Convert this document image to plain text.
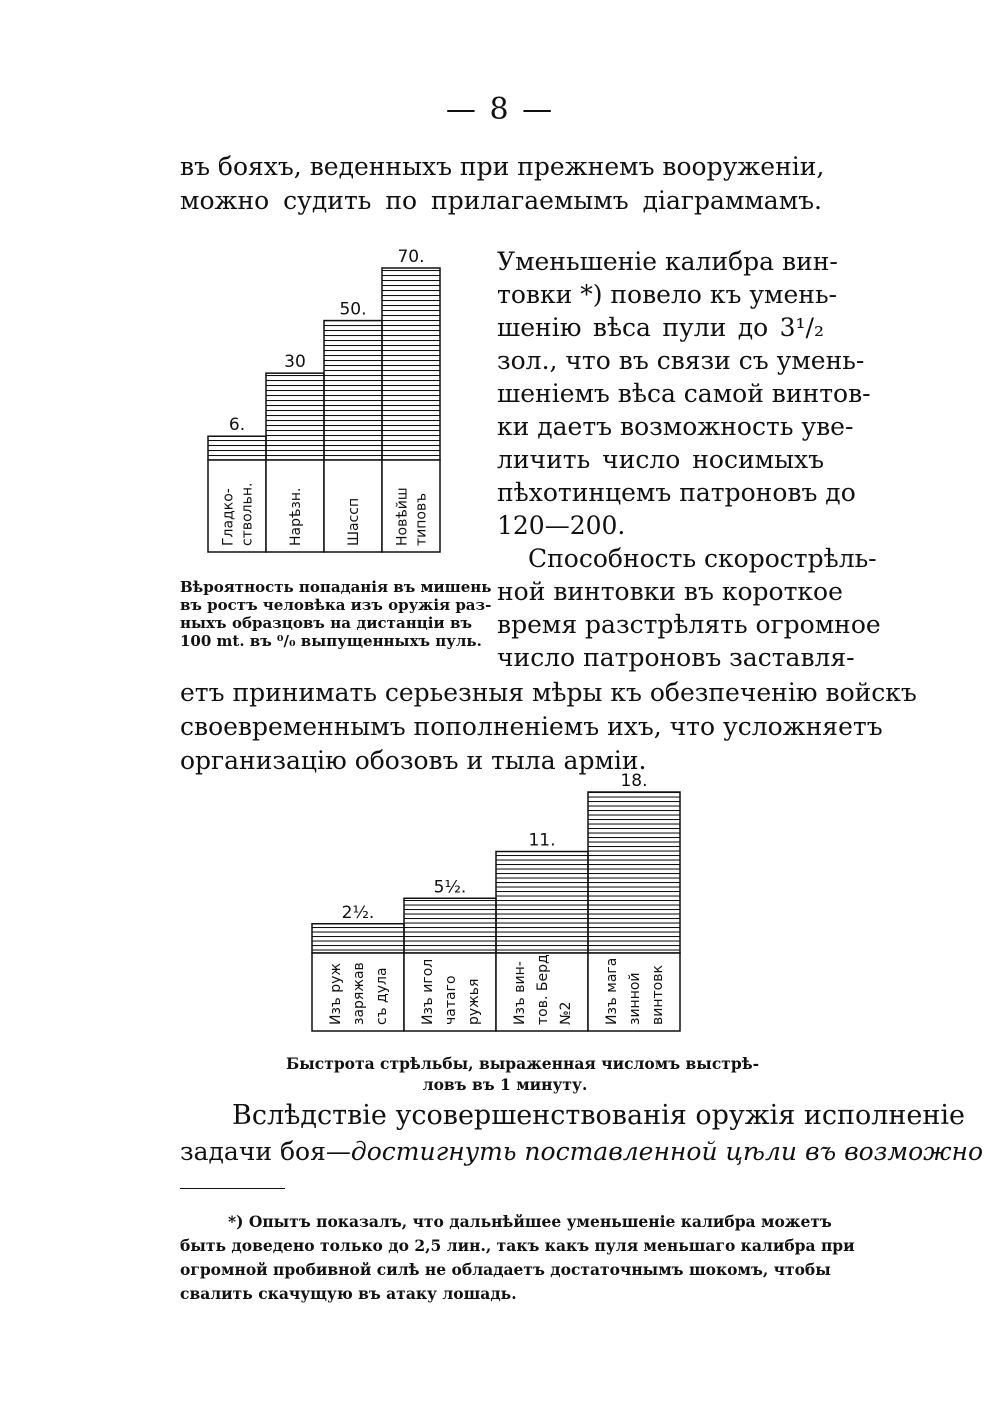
— 8 —
въ бояхъ, веденныхъ при прежнемъ вооруженіи,
можно судить по прилагаемымъ діаграммамъ.
6.
Гладко- ствольн.
30
Нарѣзн.
50.
Шассп
70.
Новѣйш типовъ
Вѣроятность попаданія въ мишень
въ ростъ человѣка изъ оружія раз-
ныхъ образцовъ на дистанціи въ
100 mt. въ ⁰/₀ выпущенныхъ пуль.
Уменьшеніе калибра вин-
товки *) повело къ умень-
шенію вѣса пули до 3¹/₂
зол., что въ связи съ умень-
шеніемъ вѣса самой винтов-
ки даетъ возможность уве-
личить число носимыхъ
пѣхотинцемъ патроновъ до
120—200.
Способность скорострѣль-
ной винтовки въ короткое
время разстрѣлять огромное
число патроновъ заставля-
етъ принимать серьезныя мѣры къ обезпеченію войскъ
своевременнымъ пополненіемъ ихъ, что усложняетъ
организацію обозовъ и тыла арміи.
2½.
Изъ руж заряжав съ дула
5½.
Изъ игол чатаго ружья
11.
Изъ вин- тов. Берд №2
18.
Изъ мага зинной винтовк
Быстрота стрѣльбы, выраженная числомъ выстрѣ-
ловъ въ 1 минуту.
Вслѣдствіе усовершенствованія оружія исполненіе
задачи боя—достигнуть поставленной цѣли въ возможно
*) Опытъ показалъ, что дальнѣйшее уменьшеніе калибра можетъ
быть доведено только до 2,5 лин., такъ какъ пуля меньшаго калибра при
огромной пробивной силѣ не обладаетъ достаточнымъ шокомъ, чтобы
свалить скачущую въ атаку лошадь.
